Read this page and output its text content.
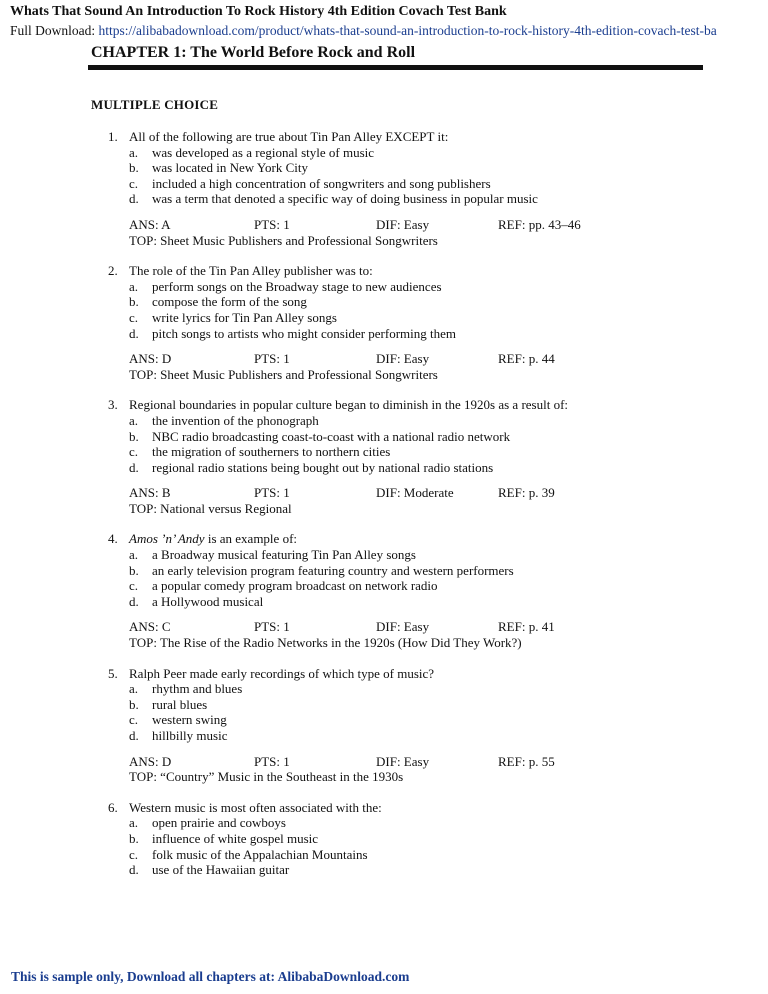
Whats That Sound An Introduction To Rock History 4th Edition Covach Test Bank
Full Download: https://alibabadownload.com/product/whats-that-sound-an-introduction-to-rock-history-4th-edition-covach-test-ba
CHAPTER 1: The World Before Rock and Roll
MULTIPLE CHOICE
1. All of the following are true about Tin Pan Alley EXCEPT it:
a.	was developed as a regional style of music
b.	was located in New York City
c.	included a high concentration of songwriters and song publishers
d.	was a term that denoted a specific way of doing business in popular music
ANS: A	PTS: 1	DIF: Easy	REF: pp. 43–46
TOP: Sheet Music Publishers and Professional Songwriters
2. The role of the Tin Pan Alley publisher was to:
a.	perform songs on the Broadway stage to new audiences
b.	compose the form of the song
c.	write lyrics for Tin Pan Alley songs
d.	pitch songs to artists who might consider performing them
ANS: D	PTS: 1	DIF: Easy	REF: p. 44
TOP: Sheet Music Publishers and Professional Songwriters
3. Regional boundaries in popular culture began to diminish in the 1920s as a result of:
a.	the invention of the phonograph
b.	NBC radio broadcasting coast-to-coast with a national radio network
c.	the migration of southerners to northern cities
d.	regional radio stations being bought out by national radio stations
ANS: B	PTS: 1	DIF: Moderate	REF: p. 39
TOP: National versus Regional
4. Amos ’n’ Andy is an example of:
a.	a Broadway musical featuring Tin Pan Alley songs
b.	an early television program featuring country and western performers
c.	a popular comedy program broadcast on network radio
d.	a Hollywood musical
ANS: C	PTS: 1	DIF: Easy	REF: p. 41
TOP: The Rise of the Radio Networks in the 1920s (How Did They Work?)
5. Ralph Peer made early recordings of which type of music?
a.	rhythm and blues
b.	rural blues
c.	western swing
d.	hillbilly music
ANS: D	PTS: 1	DIF: Easy	REF: p. 55
TOP: “Country” Music in the Southeast in the 1930s
6. Western music is most often associated with the:
a.	open prairie and cowboys
b.	influence of white gospel music
c.	folk music of the Appalachian Mountains
d.	use of the Hawaiian guitar
This is sample only, Download all chapters at: AlibabaDownload.com
